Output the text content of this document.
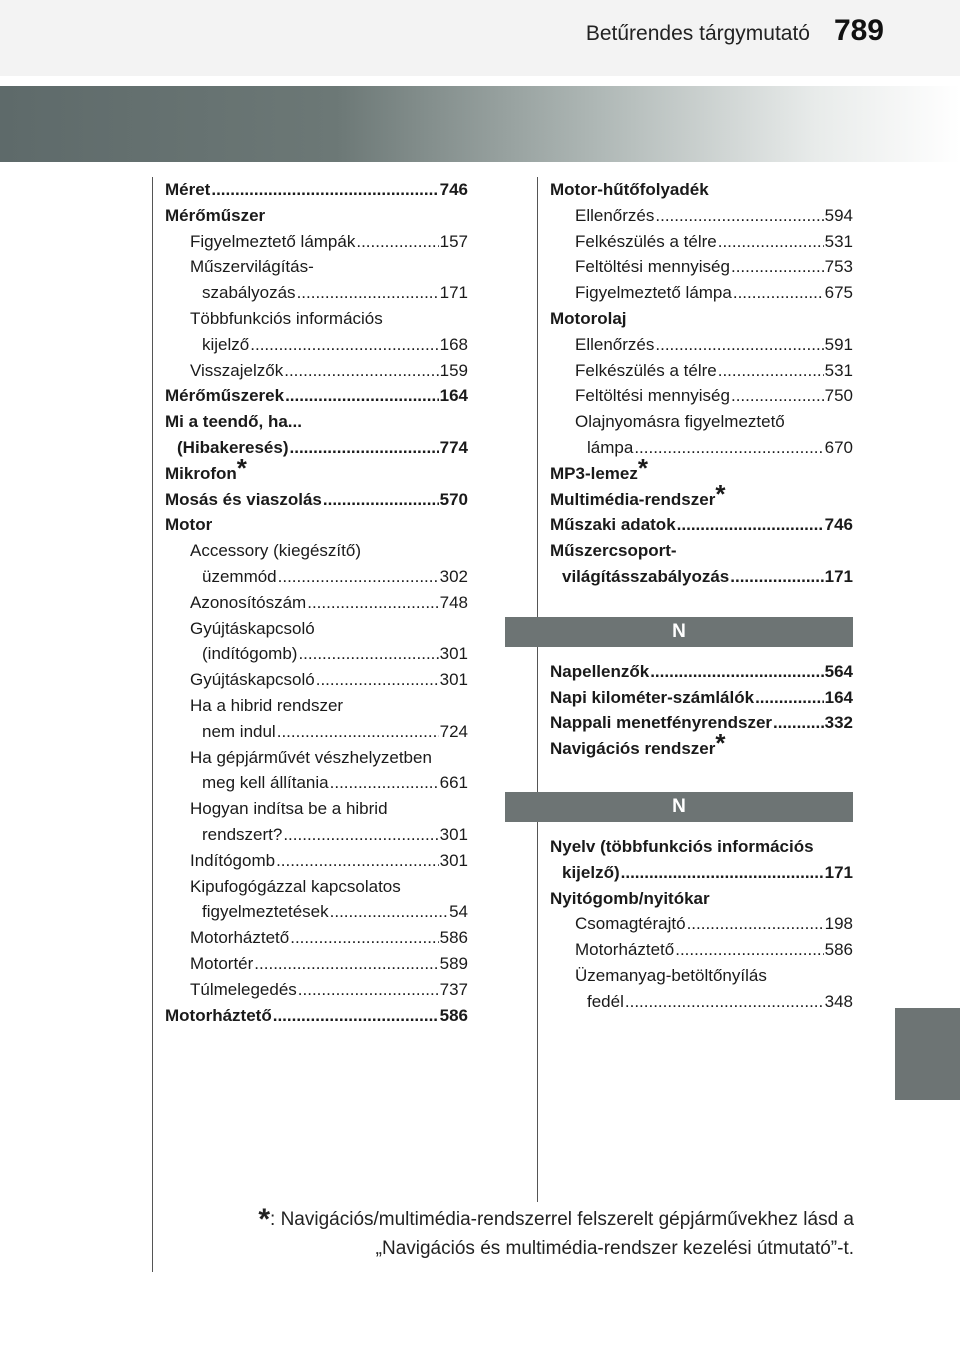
Betűrendes tárgymutató 789
Méret .....	746
Mérőműszer
Figyelmeztető lámpák .....	157
Műszervilágítás-
szabályozás .....	171
Többfunkciós információs
kijelző .....	168
Visszajelzők .....	159
Mérőműszerek .....	164
Mi a teendő, ha...
(Hibakeresés) .....	774
Mikrofon*
Mosás és viaszolás .....	570
Motor
Accessory (kiegészítő)
üzemmód .....	302
Azonosítószám .....	748
Gyújtáskapcsoló
(indítógomb) .....	301
Gyújtáskapcsoló .....	301
Ha a hibrid rendszer
nem indul .....	724
Ha gépjárművét vészhelyzetben
meg kell állítania .....	661
Hogyan indítsa be a hibrid
rendszert? .....	301
Indítógomb .....	301
Kipufogógázzal kapcsolatos
figyelmeztetések .....	54
Motorháztető .....	586
Motortér .....	589
Túlmelegedés .....	737
Motorháztető .....	586
Motor-hűtőfolyadék
Ellenőrzés .....	594
Felkészülés a télre .....	531
Feltöltési mennyiség .....	753
Figyelmeztető lámpa .....	675
Motorolaj
Ellenőrzés .....	591
Felkészülés a télre .....	531
Feltöltési mennyiség .....	750
Olajnyomásra figyelmeztető
lámpa .....	670
MP3-lemez*
Multimédia-rendszer*
Műszaki adatok .....	746
Műszercsoport-
világításszabályozás .....	171
N
Napellenzők .....	564
Napi kilométer-számlálók .....	164
Nappali menetfényrendszer .....	332
Navigációs rendszer*
N
Nyelv (többfunkciós információs
kijelző) .....	171
Nyitógomb/nyitókar
Csomagtérajtó .....	198
Motorháztető .....	586
Üzemanyag-betöltőnyílás
fedél .....	348
*: Navigációs/multimédia-rendszerrel felszerelt gépjárművekhez lásd a
„Navigációs és multimédia-rendszer kezelési útmutató”-t.
